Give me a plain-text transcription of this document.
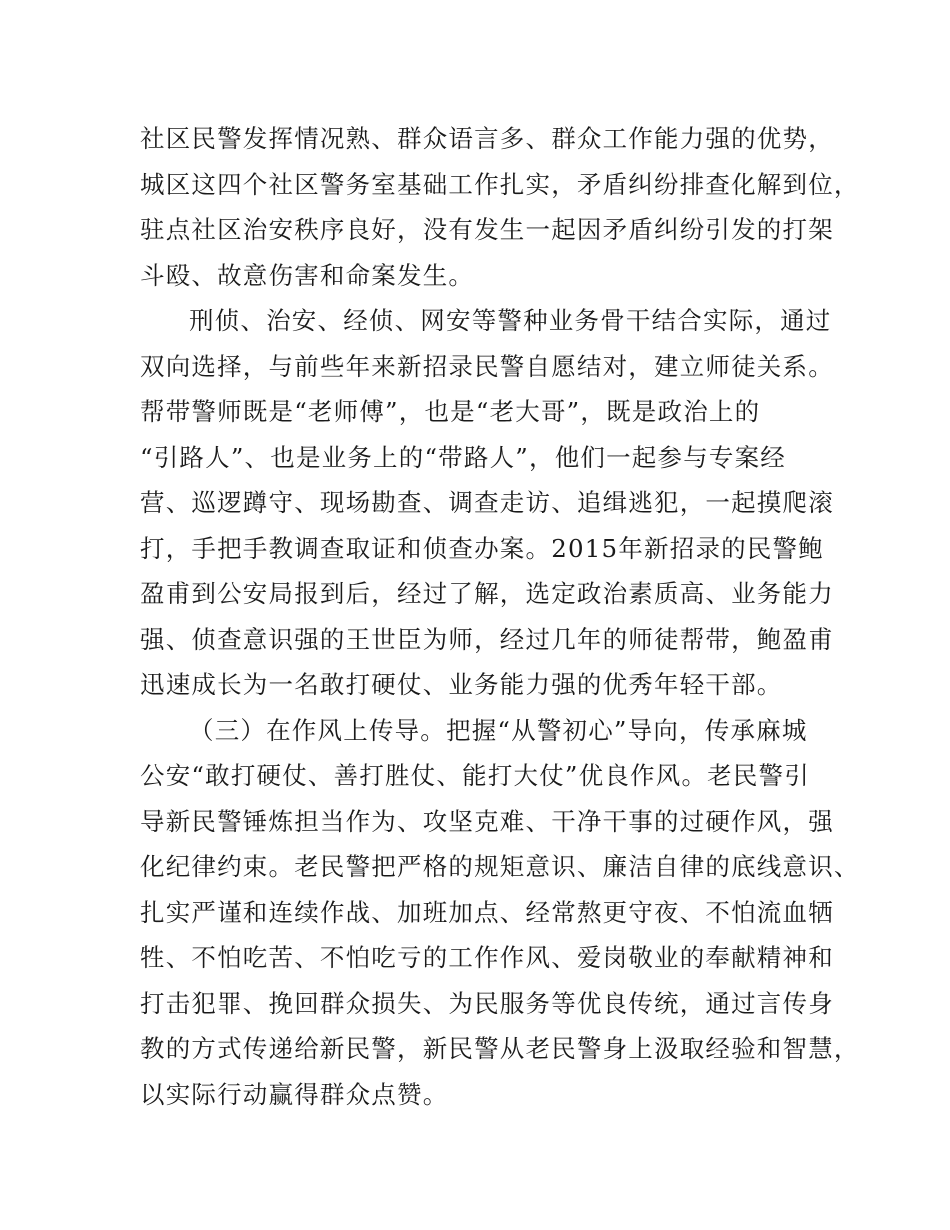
社区民警发挥情况熟、群众语言多、群众工作能力强的优势，
城区这四个社区警务室基础工作扎实，矛盾纠纷排查化解到位，
驻点社区治安秩序良好，没有发生一起因矛盾纠纷引发的打架
斗殴、故意伤害和命案发生。
刑侦、治安、经侦、网安等警种业务骨干结合实际，通过
双向选择，与前些年来新招录民警自愿结对，建立师徒关系。
帮带警师既是“老师傅”，也是“老大哥”，既是政治上的
“引路人”、也是业务上的“带路人”，他们一起参与专案经
营、巡逻蹲守、现场勘查、调查走访、追缉逃犯，一起摸爬滚
打，手把手教调查取证和侦查办案。2015年新招录的民警鲍
盈甫到公安局报到后，经过了解，选定政治素质高、业务能力
强、侦查意识强的王世臣为师，经过几年的师徒帮带，鲍盈甫
迅速成长为一名敢打硬仗、业务能力强的优秀年轻干部。
（三）在作风上传导。把握“从警初心”导向，传承麻城
公安“敢打硬仗、善打胜仗、能打大仗”优良作风。老民警引
导新民警锤炼担当作为、攻坚克难、干净干事的过硬作风，强
化纪律约束。老民警把严格的规矩意识、廉洁自律的底线意识、
扎实严谨和连续作战、加班加点、经常熬更守夜、不怕流血牺
牲、不怕吃苦、不怕吃亏的工作作风、爱岗敬业的奉献精神和
打击犯罪、挽回群众损失、为民服务等优良传统，通过言传身
教的方式传递给新民警，新民警从老民警身上汲取经验和智慧，
以实际行动赢得群众点赞。
